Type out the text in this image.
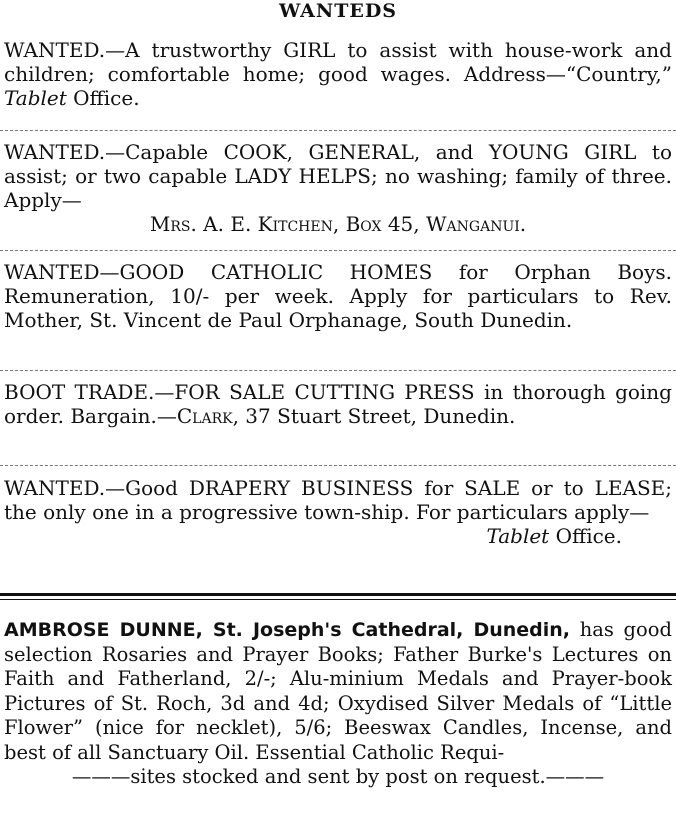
WANTEDS

WANTED.—A trustworthy GIRL to assist with house-work and children; comfortable home; good wages. Address—“Country,” Tablet Office.

WANTED.—Capable COOK, GENERAL, and YOUNG GIRL to assist; or two capable LADY HELPS; no washing; family of three. Apply—

Mrs. A. E. Kitchen, Box 45, Wanganui.

WANTED—GOOD CATHOLIC HOMES for Orphan Boys. Remuneration, 10/- per week. Apply for particulars to Rev. Mother, St. Vincent de Paul Orphanage, South Dunedin.

BOOT TRADE.—FOR SALE CUTTING PRESS in thorough going order. Bargain.—Clark, 37 Stuart Street, Dunedin.

WANTED.—Good DRAPERY BUSINESS for SALE or to LEASE; the only one in a progressive town-ship. For particulars apply—

Tablet Office.
AMBROSE DUNNE, St. Joseph's Cathedral, Dunedin, has good selection Rosaries and Prayer Books; Father Burke's Lectures on Faith and Fatherland, 2/-; Alu-minium Medals and Prayer-book Pictures of St. Roch, 3d and 4d; Oxydised Silver Medals of “Little Flower” (nice for necklet), 5/6; Beeswax Candles, Incense, and best of all Sanctuary Oil. Essential Catholic Requi-
———sites stocked and sent by post on request.———
